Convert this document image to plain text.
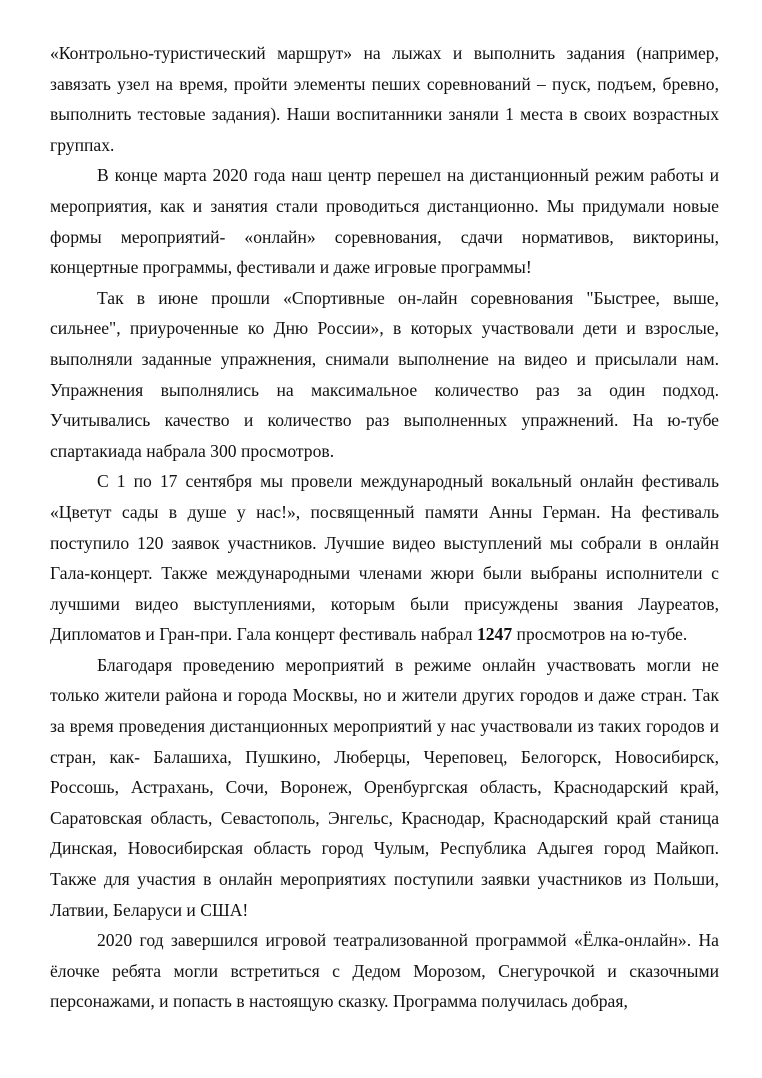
«Контрольно-туристический маршрут» на лыжах и выполнить задания (например, завязать узел на время, пройти элементы пеших соревнований – пуск, подъем, бревно, выполнить тестовые задания). Наши воспитанники заняли 1 места в своих возрастных группах.

В конце марта 2020 года наш центр перешел на дистанционный режим работы и мероприятия, как и занятия стали проводиться дистанционно. Мы придумали новые формы мероприятий- «онлайн» соревнования, сдачи нормативов, викторины, концертные программы, фестивали и даже игровые программы!

Так в июне прошли «Спортивные он-лайн соревнования "Быстрее, выше, сильнее", приуроченные ко Дню России», в которых участвовали дети и взрослые, выполняли заданные упражнения, снимали выполнение на видео и присылали нам. Упражнения выполнялись на максимальное количество раз за один подход. Учитывались качество и количество раз выполненных упражнений. На ю-тубе спартакиада набрала 300 просмотров.

С 1 по 17 сентября мы провели международный вокальный онлайн фестиваль «Цветут сады в душе у нас!», посвященный памяти Анны Герман. На фестиваль поступило 120 заявок участников. Лучшие видео выступлений мы собрали в онлайн Гала-концерт. Также международными членами жюри были выбраны исполнители с лучшими видео выступлениями, которым были присуждены звания Лауреатов, Дипломатов и Гран-при. Гала концерт фестиваль набрал 1247 просмотров на ю-тубе.

Благодаря проведению мероприятий в режиме онлайн участвовать могли не только жители района и города Москвы, но и жители других городов и даже стран. Так за время проведения дистанционных мероприятий у нас участвовали из таких городов и стран, как- Балашиха, Пушкино, Люберцы, Череповец, Белогорск, Новосибирск, Россошь, Астрахань, Сочи, Воронеж, Оренбургская область, Краснодарский край, Саратовская область, Севастополь, Энгельс, Краснодар, Краснодарский край станица Динская, Новосибирская область город Чулым, Республика Адыгея город Майкоп. Также для участия в онлайн мероприятиях поступили заявки участников из Польши, Латвии, Беларуси и США!

2020 год завершился игровой театрализованной программой «Ёлка-онлайн». На ёлочке ребята могли встретиться с Дедом Морозом, Снегурочкой и сказочными персонажами, и попасть в настоящую сказку. Программа получилась добрая,
